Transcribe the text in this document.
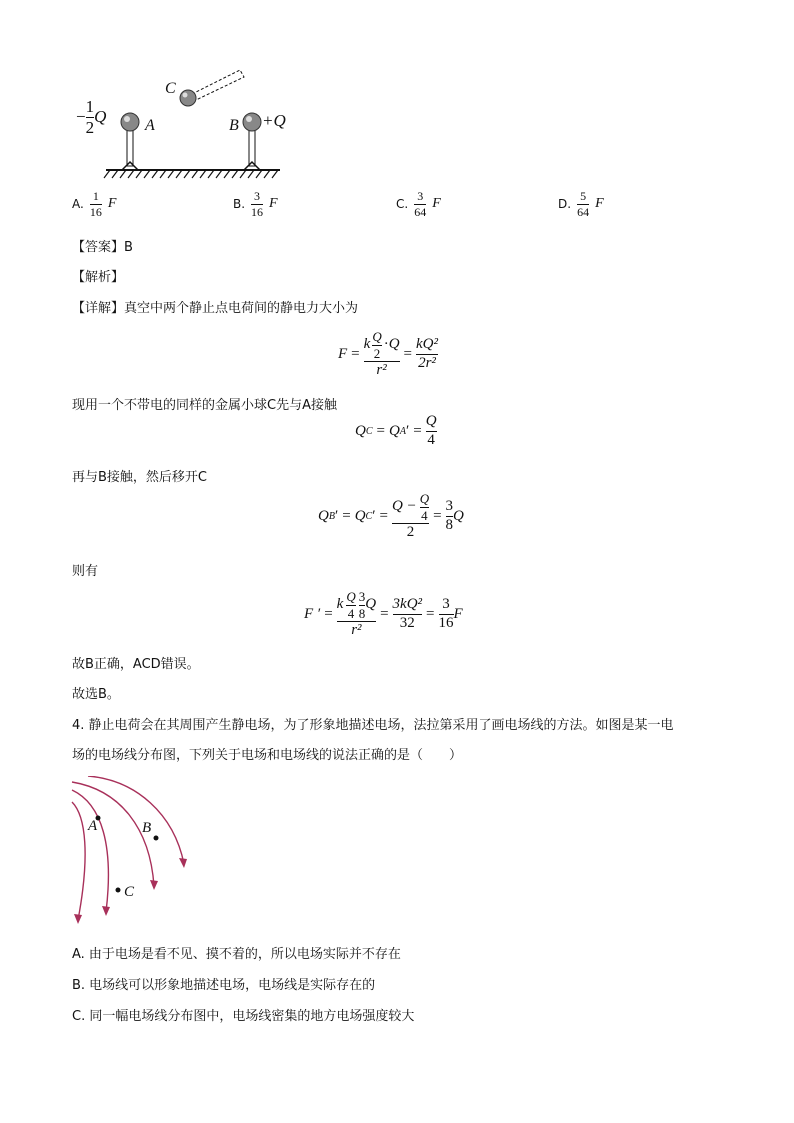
C
− $\frac{1}{2}$ Q A	B +Q
A. $\frac{1}{16}$ F	B. $\frac{3}{16}$ F	C. $\frac{3}{64}$ F	D. $\frac{5}{64}$ F
【答案】B
【解析】
【详解】真空中两个静止点电荷间的静电力大小为
$F = \frac{k \frac{Q}{2} \cdot Q}{\text{r²}} = \frac{\text{kQ²}}{\text{2r²}}$
现用一个不带电的同样的金属小球C先与A接触
Q C = Q A ′ = $\frac{Q}{4}$
再与B接触，然后移开C
Q B ′ = Q C ′ = $\frac{Q - \frac{Q}{4}}{2} = \frac{3}{8}$ Q
则有
F ′ = $\frac{k \frac{Q}{4} \frac{3}{8} Q}{\text{r²}} = \frac{\text{3kQ²}}{32} = \frac{3}{16}$ F
故B正确，ACD错误。
故选B。
4. 静止电荷会在其周围产生静电场，为了形象地描述电场，法拉第采用了画电场线的方法。如图是某一电
场的电场线分布图，下列关于电场和电场线的说法正确的是（　　）
A	B
C
A. 由于电场是看不见、摸不着的，所以电场实际并不存在
B. 电场线可以形象地描述电场，电场线是实际存在的
C. 同一幅电场线分布图中，电场线密集的地方电场强度较大
